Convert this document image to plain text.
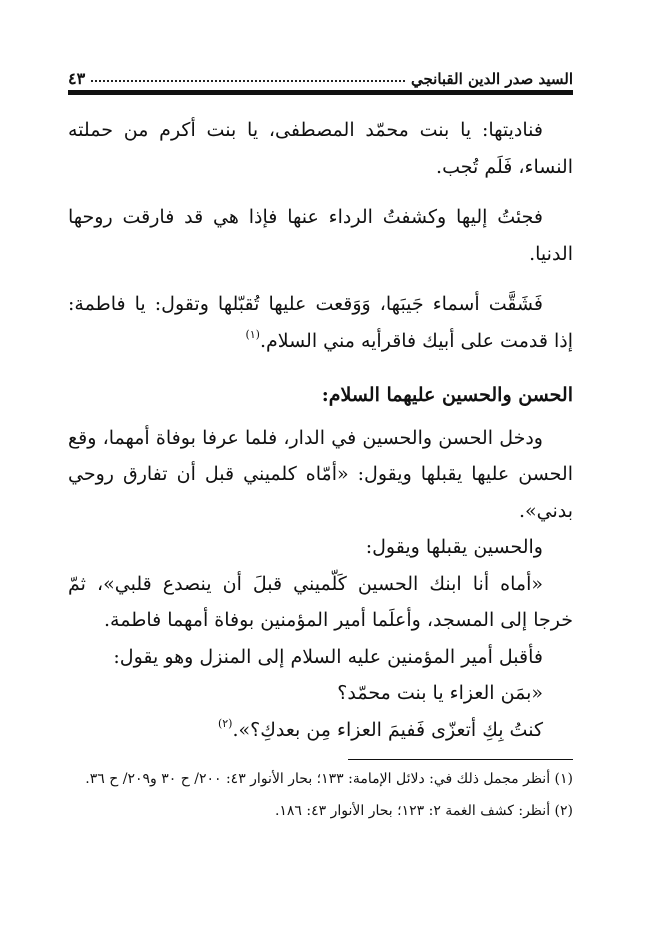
السيد صدر الدين القبانجي
٤٣

فناديتها: يا بنت محمّد المصطفى، يا بنت أكرم من حملته النساء، فَلَم تُجب.

فجئتُ إليها وكشفتُ الرداء عنها فإذا هي قد فارقت روحها الدنيا.

فَشَقَّت أسماء جَيبَها، وَوَقعت عليها تُقبّلها وتقول: يا فاطمة: إذا قدمت على أبيك فاقرأيه مني السلام.$^{(١)}$

الحسن والحسين عليهما السلام:

ودخل الحسن والحسين في الدار، فلما عرفا بوفاة أمهما، وقع الحسن عليها يقبلها ويقول: «أمّاه كلميني قبل أن تفارق روحي بدني».

والحسين يقبلها ويقول:

«أماه أنا ابنك الحسين كَلّميني قبلَ أن ينصدع قلبي»، ثمّ خرجا إلى المسجد، وأعلَما أمير المؤمنين بوفاة أمهما فاطمة.

فأقبل أمير المؤمنين عليه السلام إلى المنزل وهو يقول:

«بمَن العزاء يا بنت محمّد؟

كنتُ بِكِ أتعزّى فَفيمَ العزاء مِن بعدكِ؟».$^{(٢)}$

(١) أنظر مجمل ذلك في: دلائل الإمامة: ١٣٣؛ بحار الأنوار ٤٣: ٢٠٠/ ح ٣٠ و٢٠٩/ ح ٣٦.

(٢) أنظر: كشف الغمة ٢: ١٢٣؛ بحار الأنوار ٤٣: ١٨٦.
